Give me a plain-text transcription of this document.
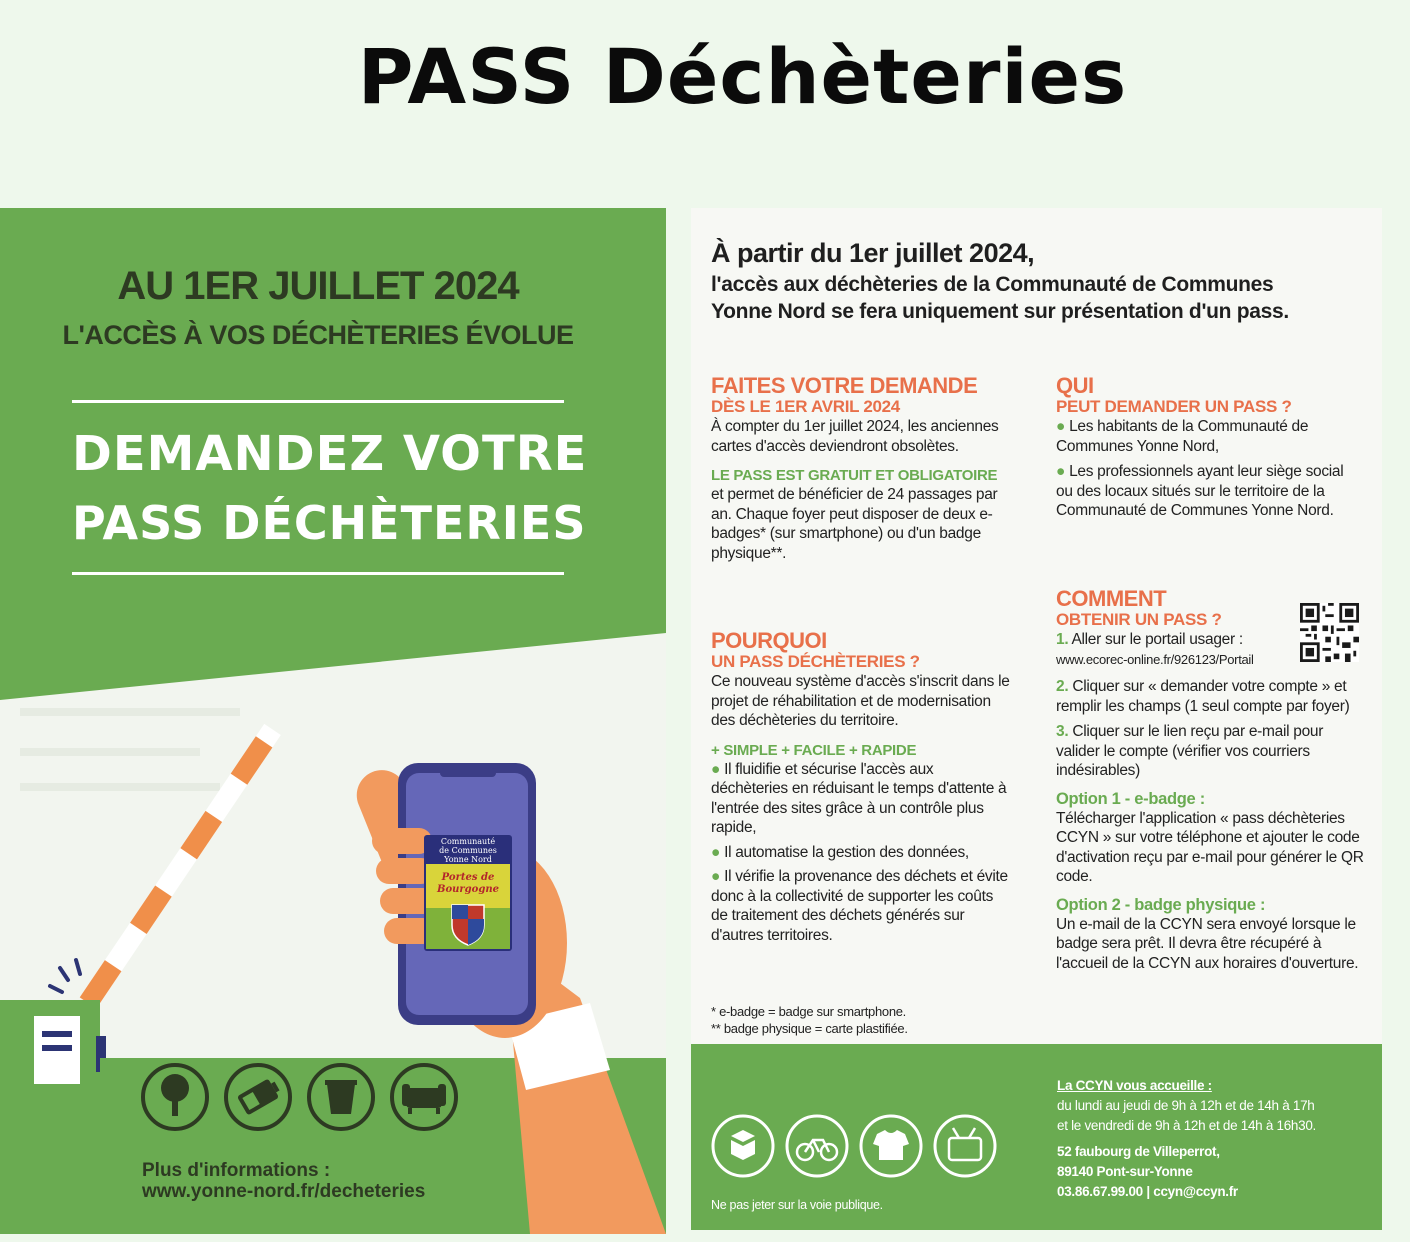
PASS Déchèteries
AU 1ER JUILLET 2024
L'ACCÈS À VOS DÉCHÈTERIES ÉVOLUE
DEMANDEZ VOTRE
PASS DÉCHÈTERIES
Communauté
de Communes
Yonne Nord
Portes de
Bourgogne
Plus d'informations :
www.yonne-nord.fr/decheteries
À partir du 1er juillet 2024,
l'accès aux déchèteries de la Communauté de Communes
Yonne Nord se fera uniquement sur présentation d'un pass.
FAITES VOTRE DEMANDE
DÈS LE 1ER AVRIL 2024

À compter du 1er juillet 2024, les anciennes cartes d'accès deviendront obsolètes.

LE PASS EST GRATUIT ET OBLIGATOIRE

et permet de bénéficier de 24 passages par an. Chaque foyer peut disposer de deux e-badges* (sur smartphone) ou d'un badge physique**.

POURQUOI
UN PASS DÉCHÈTERIES ?

Ce nouveau système d'accès s'inscrit dans le projet de réhabilitation et de modernisation des déchèteries du territoire.

+ SIMPLE + FACILE + RAPIDE

● Il fluidifie et sécurise l'accès aux déchèteries en réduisant le temps d'attente à l'entrée des sites grâce à un contrôle plus rapide,

● Il automatise la gestion des données,

● Il vérifie la provenance des déchets et évite donc à la collectivité de supporter les coûts de traitement des déchets générés sur d'autres territoires.

* e-badge = badge sur smartphone.
** badge physique = carte plastifiée.
QUI
PEUT DEMANDER UN PASS ?

● Les habitants de la Communauté de Communes Yonne Nord,

● Les professionnels ayant leur siège social ou des locaux situés sur le territoire de la Communauté de Communes Yonne Nord.

COMMENT
OBTENIR UN PASS ?

1. Aller sur le portail usager :

www.ecorec-online.fr/926123/Portail

2. Cliquer sur « demander votre compte » et remplir les champs (1 seul compte par foyer)

3. Cliquer sur le lien reçu par e-mail pour valider le compte (vérifier vos courriers indésirables)

Option 1 - e-badge :

Télécharger l'application « pass déchèteries CCYN » sur votre téléphone et ajouter le code d'activation reçu par e-mail pour générer le QR code.

Option 2 - badge physique :

Un e-mail de la CCYN sera envoyé lorsque le badge sera prêt. Il devra être récupéré à l'accueil de la CCYN aux horaires d'ouverture.

Ne pas jeter sur la voie publique.
La CCYN vous accueille :
du lundi au jeudi de 9h à 12h et de 14h à 17h
et le vendredi de 9h à 12h et de 14h à 16h30.
52 faubourg de Villeperrot,
89140 Pont-sur-Yonne
03.86.67.99.00 | ccyn@ccyn.fr
